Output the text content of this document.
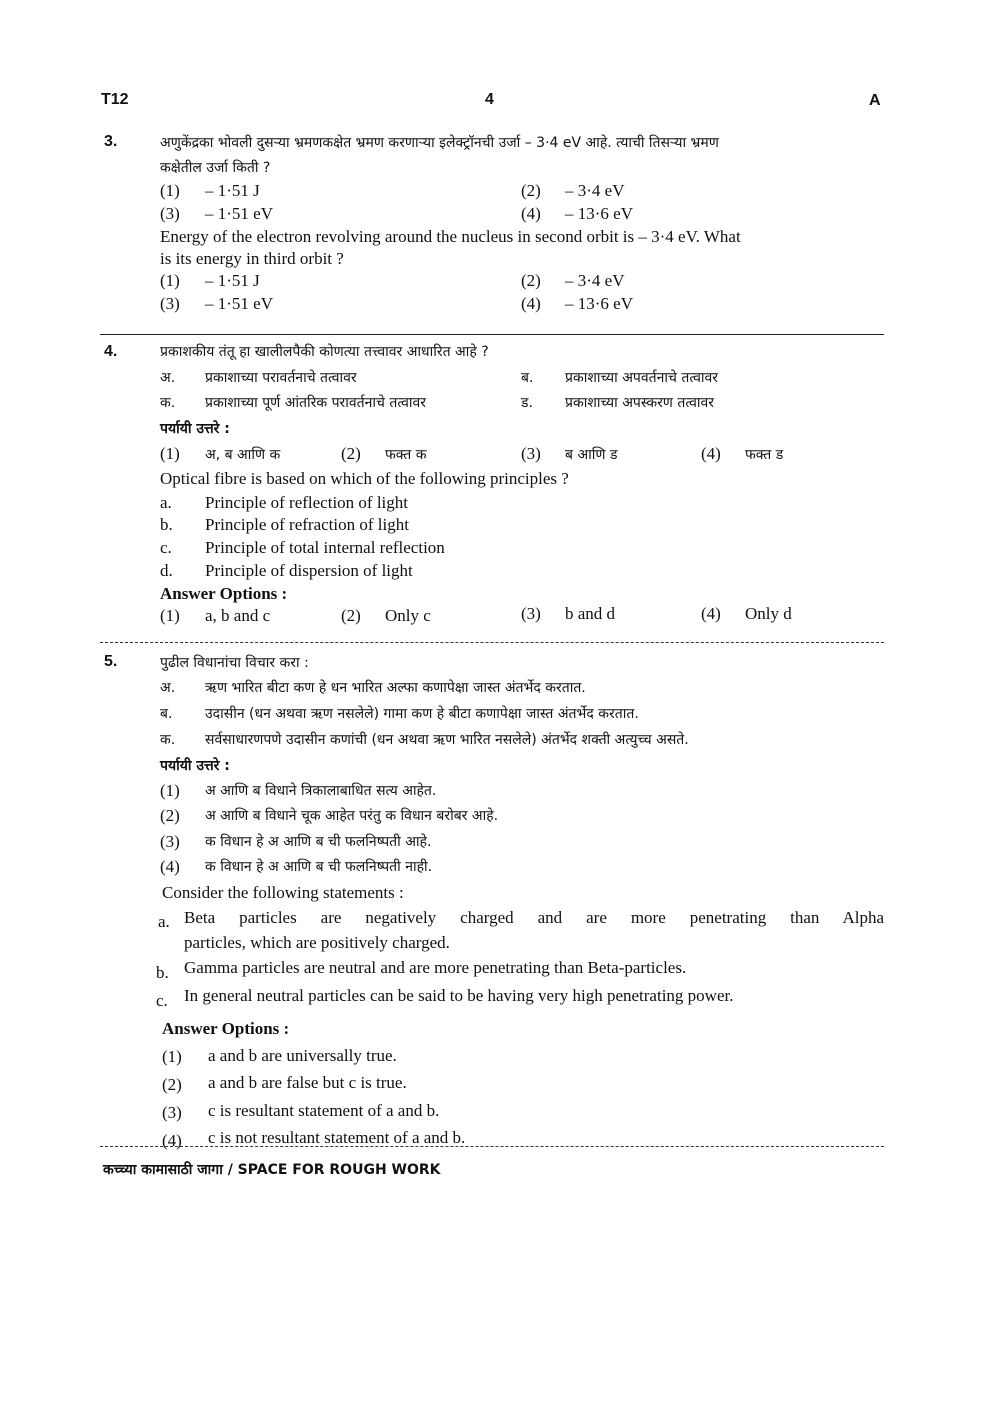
T12	4	A
3.	अणुकेंद्रका भोवली दुसऱ्या भ्रमणकक्षेत भ्रमण करणाऱ्या इलेक्ट्रॉनची उर्जा – 3·4 eV आहे. त्याची तिसऱ्या भ्रमण
कक्षेतील उर्जा किती ?
(1) – 1·51 J	(2) – 3·4 eV
(3) – 1·51 eV	(4) – 13·6 eV
Energy of the electron revolving around the nucleus in second orbit is – 3·4 eV. What
is its energy in third orbit ?
(1) – 1·51 J	(2) – 3·4 eV
(3) – 1·51 eV	(4) – 13·6 eV
4.	प्रकाशकीय तंतू हा खालीलपैकी कोणत्या तत्त्वावर आधारित आहे ?
अ. प्रकाशाच्या परावर्तनाचे तत्वावर	ब. प्रकाशाच्या अपवर्तनाचे तत्वावर
क. प्रकाशाच्या पूर्ण आंतरिक परावर्तनाचे तत्वावर	ड. प्रकाशाच्या अपस्करण तत्वावर
पर्यायी उत्तरे :
(1) अ, ब आणि क	(2) फक्त क	(3) ब आणि ड	(4) फक्त ड
Optical fibre is based on which of the following principles ?
a. Principle of reflection of light
b. Principle of refraction of light
c. Principle of total internal reflection
d. Principle of dispersion of light
Answer Options :
(1) a, b and c	(2) Only c	(3) b and d	(4) Only d
5.	पुढील विधानांचा विचार करा :
अ. ऋण भारित बीटा कण हे धन भारित अल्फा कणापेक्षा जास्त अंतर्भेद करतात.
ब. उदासीन (धन अथवा ऋण नसलेले) गामा कण हे बीटा कणापेक्षा जास्त अंतर्भेद करतात.
क. सर्वसाधारणपणे उदासीन कणांची (धन अथवा ऋण भारित नसलेले) अंतर्भेद शक्ती अत्युच्च असते.
पर्यायी उत्तरे :
(1) अ आणि ब विधाने त्रिकालाबाधित सत्य आहेत.
(2) अ आणि ब विधाने चूक आहेत परंतु क विधान बरोबर आहे.
(3) क विधान हे अ आणि ब ची फलनिष्पती आहे.
(4) क विधान हे अ आणि ब ची फलनिष्पती नाही.
Consider the following statements :
a. Beta particles are negatively charged and are more penetrating than Alpha
particles, which are positively charged.
b. Gamma particles are neutral and are more penetrating than Beta-particles.
c. In general neutral particles can be said to be having very high penetrating power.
Answer Options :
(1) a and b are universally true.
(2) a and b are false but c is true.
(3) c is resultant statement of a and b.
(4) c is not resultant statement of a and b.
कच्च्या कामासाठी जागा / SPACE FOR ROUGH WORK
